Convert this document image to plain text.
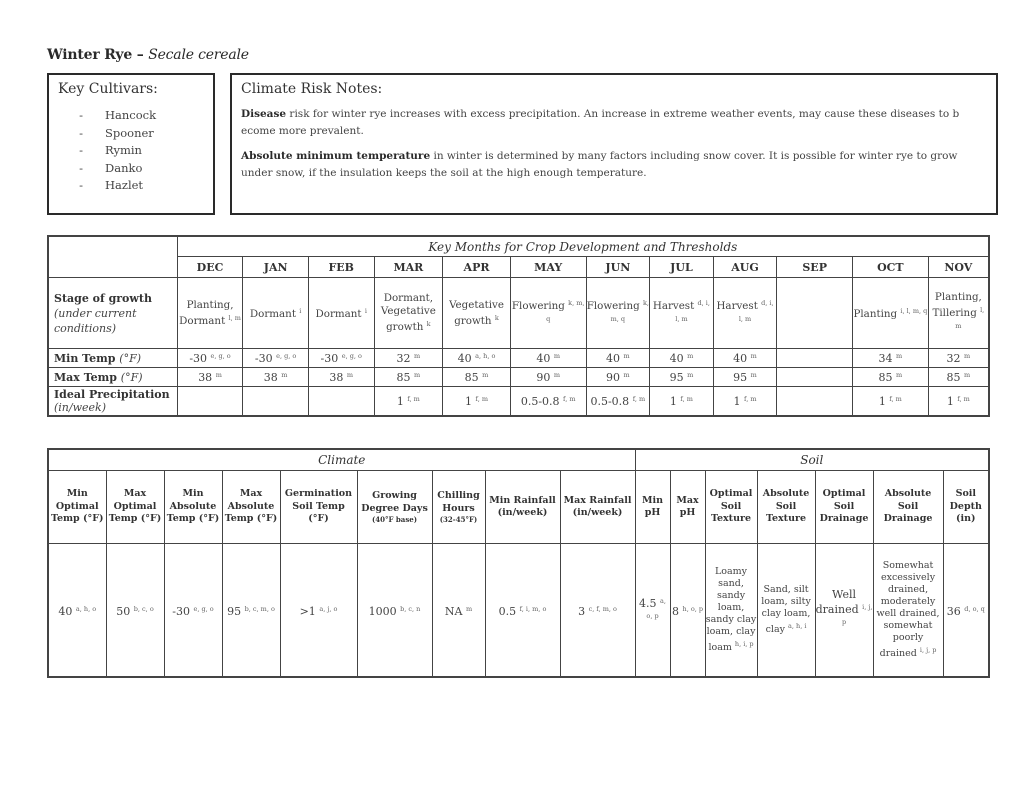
Winter Rye – Secale cereale
Key Cultivars:
- Hancock
- Spooner
- Rymin
- Danko
- Hazlet
Climate Risk Notes:

Disease risk for winter rye increases with excess precipitation. An increase in extreme weather events, may cause these diseases to b ecome more prevalent.

Absolute minimum temperature in winter is determined by many factors including snow cover. It is possible for winter rye to grow under snow, if the insulation keeps the soil at the high enough temperature.

	Key Months for Crop Development and Thresholds											
	DEC	JAN	FEB	MAR	APR	MAY	JUN	JUL	AUG	SEP	OCT	NOV
Stage of growth
(under current conditions)	Planting, Dormant $^{l, m}$	Dormant $^i$	Dormant $^i$	Dormant, Vegetative growth $^k$	Vegetative growth $^k$	Flowering $^{k, m, q}$	Flowering $^{k, m, q}$	Harvest $^{d, i, l, m}$	Harvest $^{d, i, l, m}$		Planting $^{i, l, m, q}$	Planting, Tillering $^{l, m}$
Min Temp (°F)	-30 $^{e, g, o}$	-30 $^{e, g, o}$	-30 $^{e, g, o}$	32 $^m$	40 $^{a, h, o}$	40 $^m$	40 $^m$	40 $^m$	40 $^m$		34 $^m$	32 $^m$
Max Temp (°F)	38 $^m$	38 $^m$	38 $^m$	85 $^m$	85 $^m$	90 $^m$	90 $^m$	95 $^m$	95 $^m$		85 $^m$	85 $^m$
Ideal Precipitation
(in/week)				1 $^{f, m}$	1 $^{f, m}$	0.5-0.8 $^{f, m}$	0.5-0.8 $^{f, m}$	1 $^{f, m}$	1 $^{f, m}$		1 $^{f, m}$	1 $^{f, m}$
Climate									Soil						
Min Optimal Temp (°F)	Max Optimal Temp (°F)	Min Absolute Temp (°F)	Max Absolute Temp (°F)	Germination Soil Temp (°F)	Growing Degree Days
(40°F base)	Chilling Hours
(32-45°F)	Min Rainfall (in/week)	Max Rainfall (in/week)	Min pH	Max pH	Optimal Soil Texture	Absolute Soil Texture	Optimal Soil Drainage	Absolute Soil Drainage	Soil Depth (in)
40 $^{a, h, o}$	50 $^{b, c, o}$	-30 $^{e, g, o}$	95 $^{b, c, m, o}$	>1 $^{a, j, o}$	1000 $^{b, c, n}$	NA $^m$	0.5 $^{f, i, m, o}$	3 $^{c, f, m, o}$	4.5 $^{a, o, p}$	8 $^{h, o, p}$	Loamy sand, sandy loam, sandy clay loam, clay loam $^{h, i, p}$	Sand, silt loam, silty clay loam, clay $^{a, h, i}$	Well drained $^{i, j, p}$	Somewhat excessively drained, moderately well drained, somewhat poorly drained $^{i, j, p}$	36 $^{d, o, q}$
